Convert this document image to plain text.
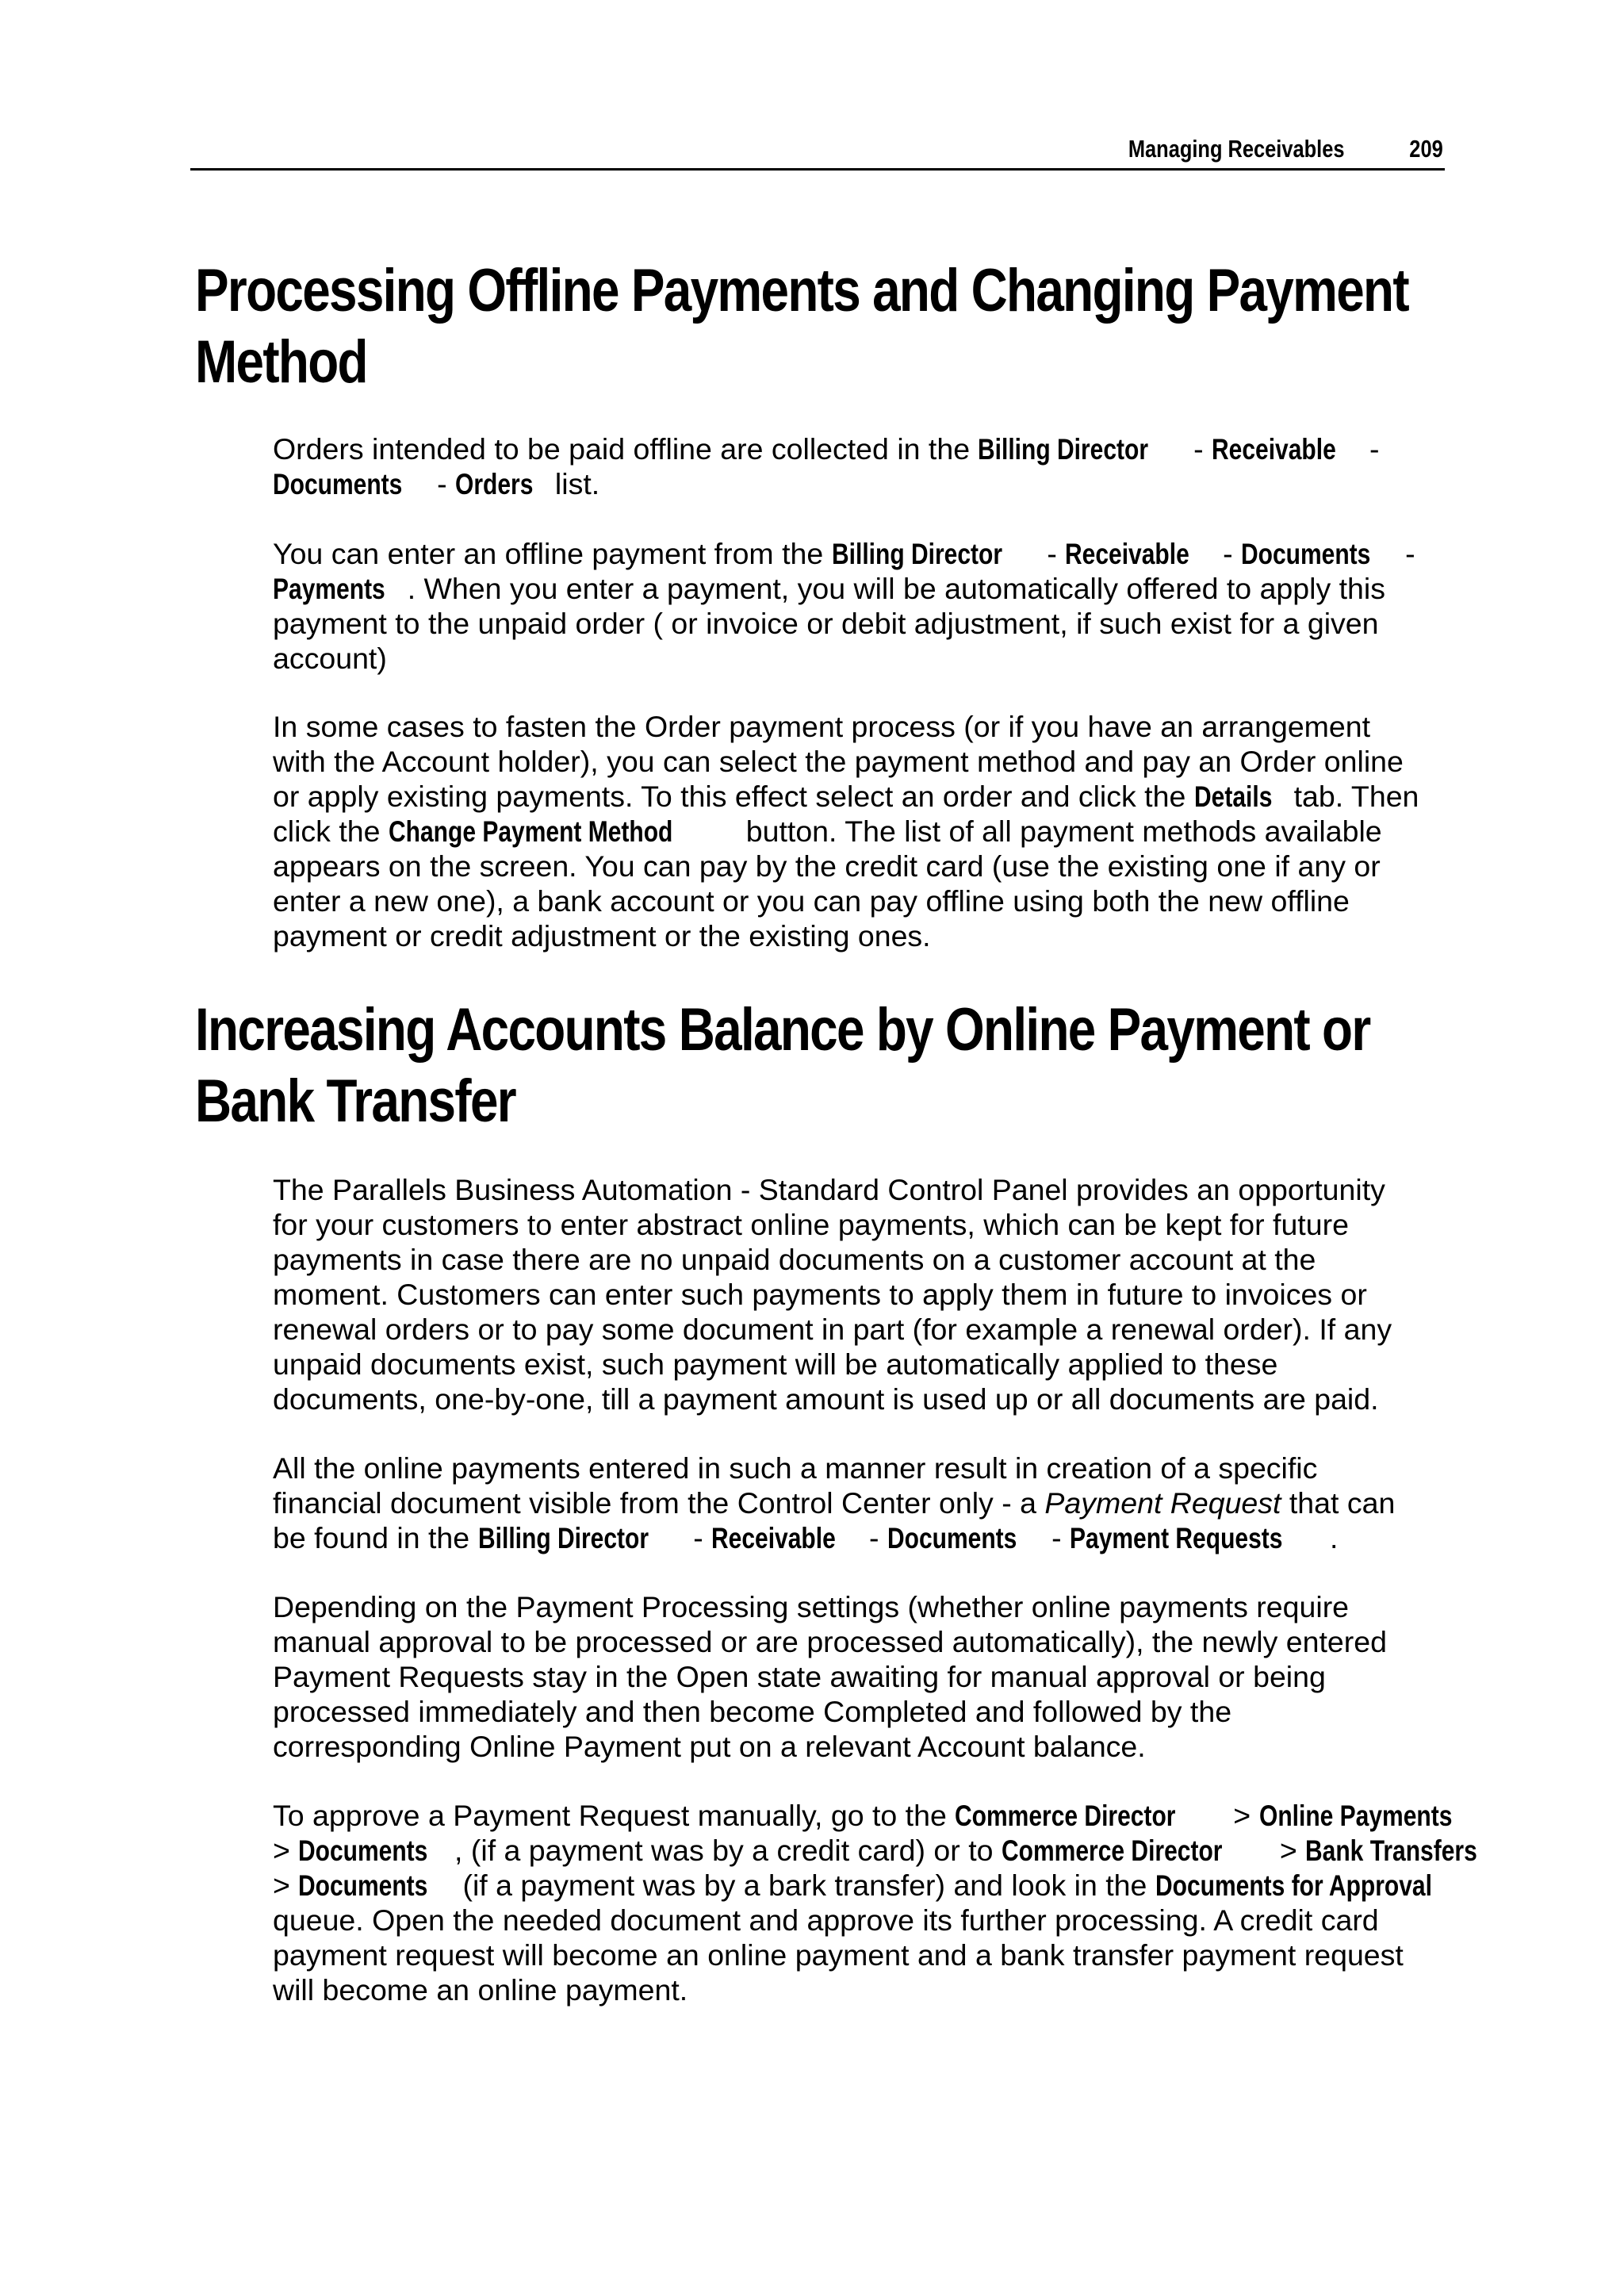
Managing Receivables	209
Processing Offline Payments and Changing Payment
Method

Orders intended to be paid offline are collected in the Billing Director - Receivable -
Documents - Orders list.

You can enter an offline payment from the Billing Director - Receivable - Documents -
Payments . When you enter a payment, you will be automatically offered to apply this
payment to the unpaid order ( or invoice or debit adjustment, if such exist for a given
account)

In some cases to fasten the Order payment process (or if you have an arrangement
with the Account holder), you can select the payment method and pay an Order online
or apply existing payments. To this effect select an order and click the Details tab. Then
click the Change Payment Method button. The list of all payment methods available
appears on the screen. You can pay by the credit card (use the existing one if any or
enter a new one), a bank account or you can pay offline using both the new offline
payment or credit adjustment or the existing ones.

Increasing Accounts Balance by Online Payment or
Bank Transfer

The Parallels Business Automation - Standard Control Panel provides an opportunity
for your customers to enter abstract online payments, which can be kept for future
payments in case there are no unpaid documents on a customer account at the
moment. Customers can enter such payments to apply them in future to invoices or
renewal orders or to pay some document in part (for example a renewal order). If any
unpaid documents exist, such payment will be automatically applied to these
documents, one-by-one, till a payment amount is used up or all documents are paid.

All the online payments entered in such a manner result in creation of a specific
financial document visible from the Control Center only - a Payment Request that can
be found in the Billing Director - Receivable - Documents - Payment Requests .

Depending on the Payment Processing settings (whether online payments require
manual approval to be processed or are processed automatically), the newly entered
Payment Requests stay in the Open state awaiting for manual approval or being
processed immediately and then become Completed and followed by the
corresponding Online Payment put on a relevant Account balance.

To approve a Payment Request manually, go to the Commerce Director > Online Payments
> Documents , (if a payment was by a credit card) or to Commerce Director > Bank Transfers
> Documents (if a payment was by a bark transfer) and look in the Documents for Approval
queue. Open the needed document and approve its further processing. A credit card
payment request will become an online payment and a bank transfer payment request
will become an online payment.
